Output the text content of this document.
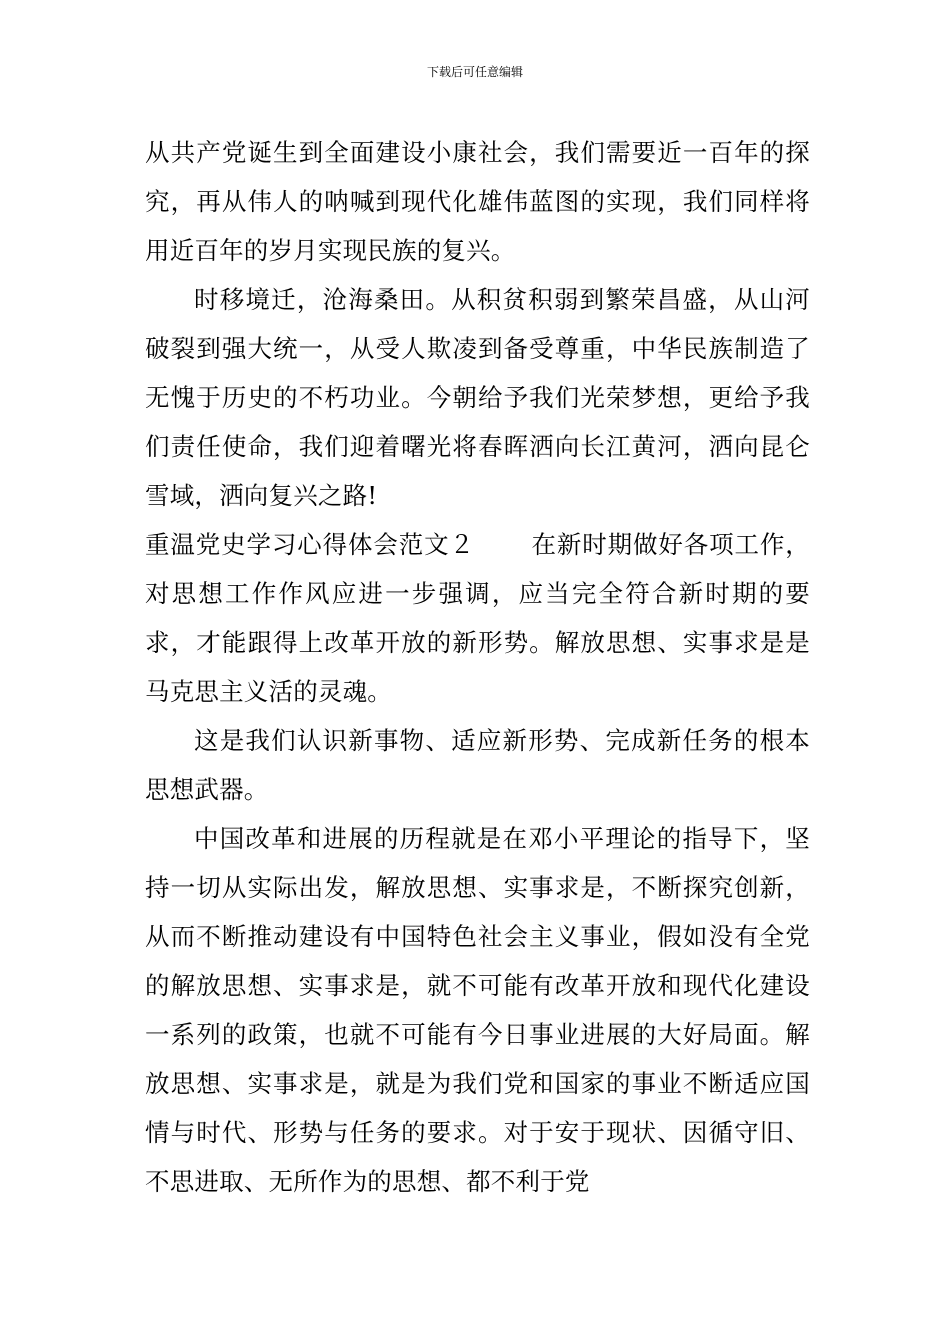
下载后可任意编辑

从共产党诞生到全面建设小康社会，我们需要近一百年的探究，再从伟人的呐喊到现代化雄伟蓝图的实现，我们同样将用近百年的岁月实现民族的复兴。

时移境迁，沧海桑田。从积贫积弱到繁荣昌盛，从山河破裂到强大统一，从受人欺凌到备受尊重，中华民族制造了无愧于历史的不朽功业。今朝给予我们光荣梦想，更给予我们责任使命，我们迎着曙光将春晖洒向长江黄河，洒向昆仑雪域，洒向复兴之路!

重温党史学习心得体会范文２ 在新时期做好各项工作，对思想工作作风应进一步强调，应当完全符合新时期的要求，才能跟得上改革开放的新形势。解放思想、实事求是是马克思主义活的灵魂。

这是我们认识新事物、适应新形势、完成新任务的根本思想武器。

中国改革和进展的历程就是在邓小平理论的指导下，坚持一切从实际出发，解放思想、实事求是，不断探究创新，从而不断推动建设有中国特色社会主义事业，假如没有全党的解放思想、实事求是，就不可能有改革开放和现代化建设一系列的政策，也就不可能有今日事业进展的大好局面。解放思想、实事求是，就是为我们党和国家的事业不断适应国情与时代、形势与任务的要求。对于安于现状、因循守旧、不思进取、无所作为的思想、都不利于党
